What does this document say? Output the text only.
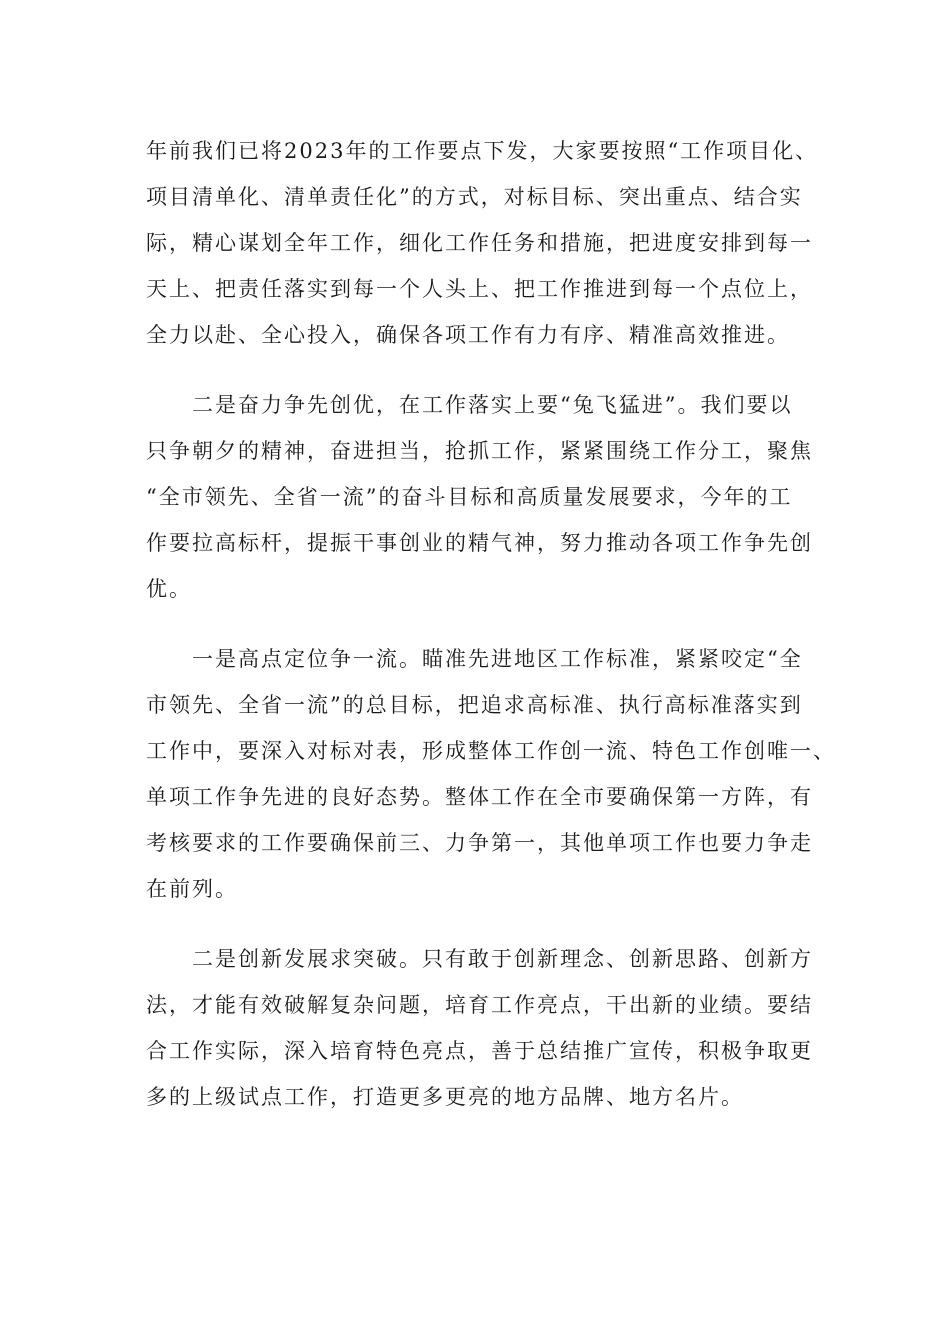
年前我们已将2023年的工作要点下发，大家要按照“工作项目化、
项目清单化、清单责任化”的方式，对标目标、突出重点、结合实
际，精心谋划全年工作，细化工作任务和措施，把进度安排到每一
天上、把责任落实到每一个人头上、把工作推进到每一个点位上，
全力以赴、全心投入，确保各项工作有力有序、精准高效推进。
　　二是奋力争先创优，在工作落实上要“兔飞猛进”。我们要以
只争朝夕的精神，奋进担当，抢抓工作，紧紧围绕工作分工，聚焦
“全市领先、全省一流”的奋斗目标和高质量发展要求，今年的工
作要拉高标杆，提振干事创业的精气神，努力推动各项工作争先创
优。
　　一是高点定位争一流。瞄准先进地区工作标准，紧紧咬定“全
市领先、全省一流”的总目标，把追求高标准、执行高标准落实到
工作中，要深入对标对表，形成整体工作创一流、特色工作创唯一、
单项工作争先进的良好态势。整体工作在全市要确保第一方阵，有
考核要求的工作要确保前三、力争第一，其他单项工作也要力争走
在前列。
　　二是创新发展求突破。只有敢于创新理念、创新思路、创新方
法，才能有效破解复杂问题，培育工作亮点，干出新的业绩。要结
合工作实际，深入培育特色亮点，善于总结推广宣传，积极争取更
多的上级试点工作，打造更多更亮的地方品牌、地方名片。
